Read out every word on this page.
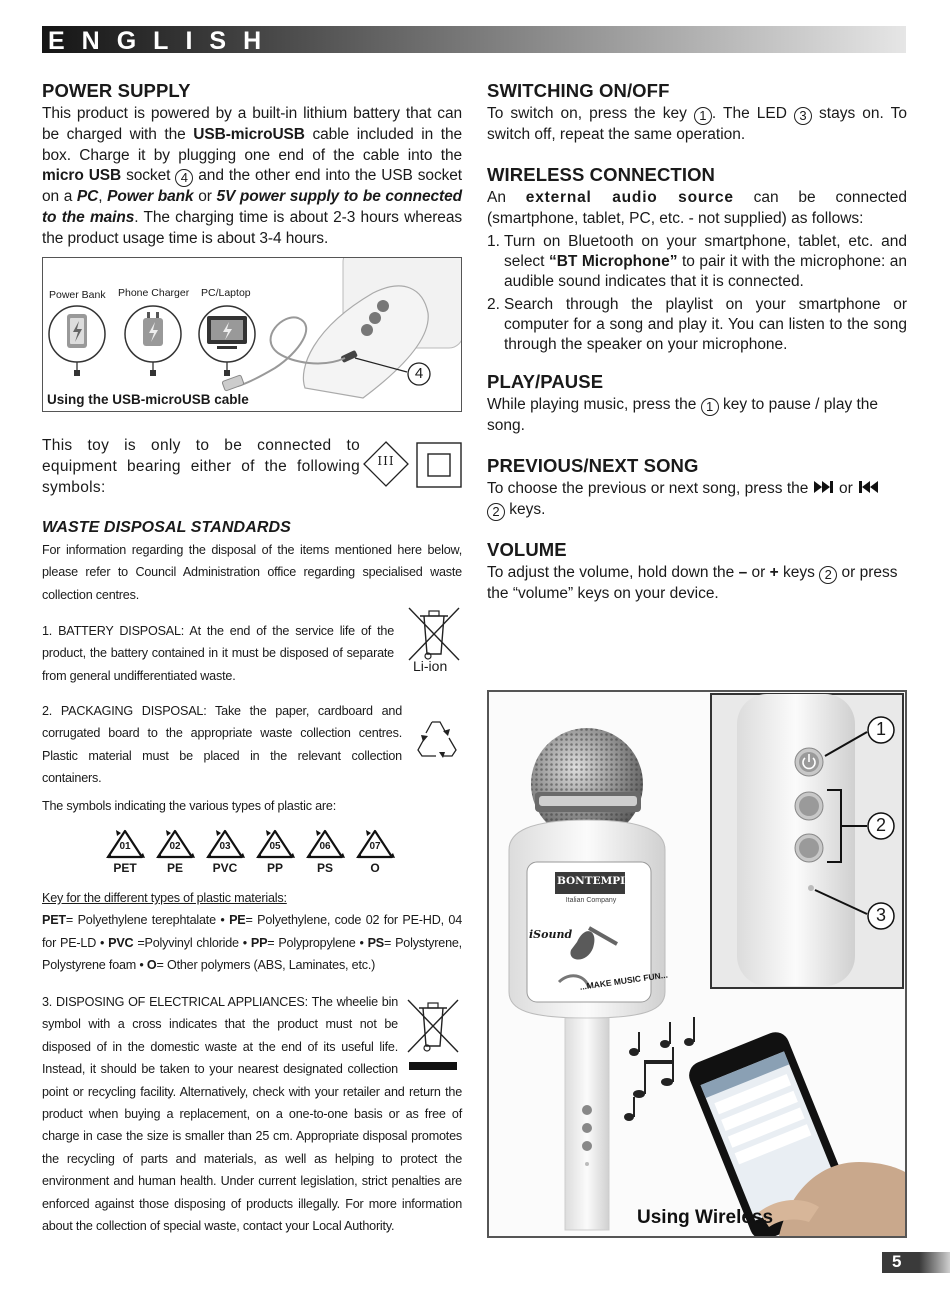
ENGLISH
POWER SUPPLY

This product is powered by a built-in lithium battery that can be charged with the USB-microUSB cable included in the box. Charge it by plugging one end of the cable into the micro USB socket 4 and the other end into the USB socket on a PC, Power bank or 5V power supply to be connected to the mains. The charging time is about 2-3 hours whereas the product usage time is about 3-4 hours.

Power Bank Phone Charger PC/Laptop
4
Using the USB-microUSB cable

This toy is only to be connected to equipment bearing either of the following symbols:

III
WASTE DISPOSAL STANDARDS

For information regarding the disposal of the items mentioned here below, please refer to Council Administration office regarding specialised waste collection centres.

1. BATTERY DISPOSAL: At the end of the service life of the product, the battery contained in it must be disposed of separate from general undifferentiated waste.

Li-ion

2. PACKAGING DISPOSAL: Take the paper, cardboard and corrugated board to the appropriate waste collection centres. Plastic material must be placed in the relevant collection containers.

The symbols indicating the various types of plastic are:

01
PET
02
PE
03
PVC
05
PP
06
PS
07
O

Key for the different types of plastic materials:

PET= Polyethylene terephtalate • PE= Polyethylene, code 02 for PE-HD, 04 for PE-LD • PVC =Polyvinyl chloride • PP= Polypropylene • PS= Polystyrene, Polystyrene foam • O= Other polymers (ABS, Laminates, etc.)

3. DISPOSING OF ELECTRICAL APPLIANCES: The wheelie bin symbol with a cross indicates that the product must not be disposed of in the domestic waste at the end of its useful life. Instead, it should be taken to your nearest designated collection point or recycling facility. Alternatively, check with your retailer and return the product when buying a replacement, on a one-to-one basis or as free of charge in case the size is smaller than 25 cm. Appropriate disposal promotes the recycling of parts and materials, as well as helping to protect the environment and human health. Under current legislation, strict penalties are enforced against those disposing of products illegally. For more information about the collection of special waste, contact your Local Authority.

SWITCHING ON/OFF

To switch on, press the key 1 . The LED 3 stays on. To switch off, repeat the same operation.

WIRELESS CONNECTION

An external audio source can be connected (smartphone, tablet, PC, etc. - not supplied) as follows:

1. Turn on Bluetooth on your smartphone, tablet, etc. and select “BT Microphone” to pair it with the microphone: an audible sound indicates that it is connected.
2. Search through the playlist on your smartphone or computer for a song and play it. You can listen to the song through the speaker on your microphone.
PLAY/PAUSE

While playing music, press the 1 key to pause / play the song.

PREVIOUS/NEXT SONG

To choose the previous or next song, press the  or
2 keys.

VOLUME

To adjust the volume, hold down the – or + keys 2 or press the “volume” keys on your device.

1
2
3
BONTEMPI
Italian Company
iSound
...MAKE MUSIC FUN...
Using Wireless
5
